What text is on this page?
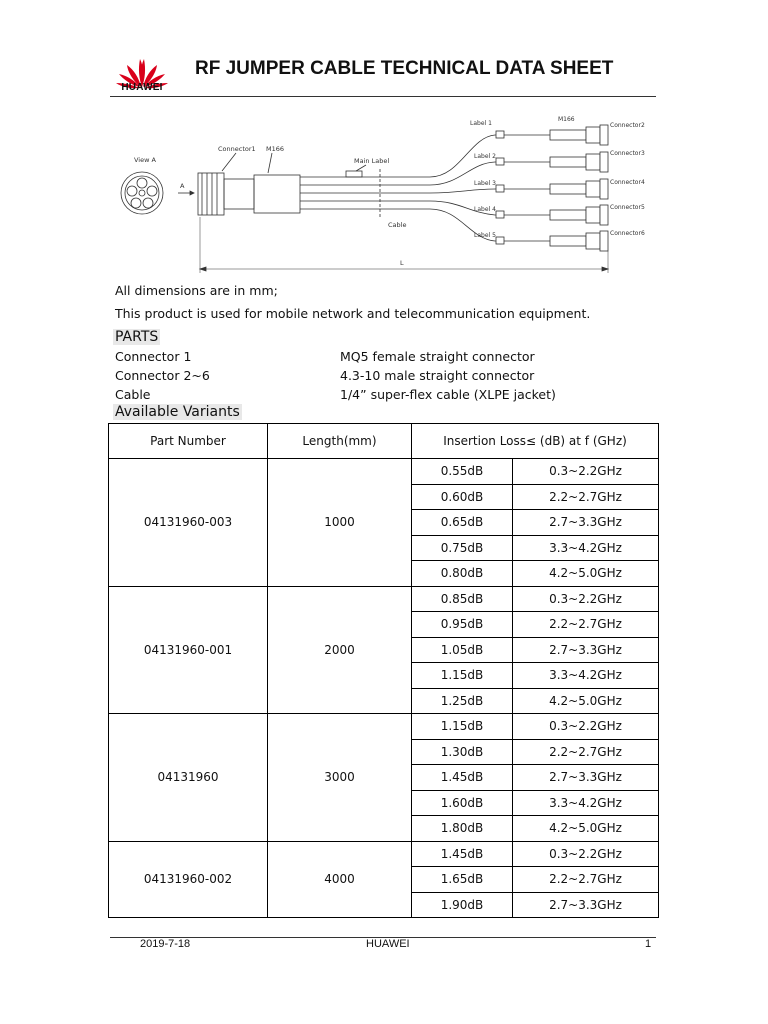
HUAWEI
RF JUMPER CABLE TECHNICAL DATA SHEET
View A
A
Connector1 M166
Main Label
Cable
Label 1
Label 2
Label 3
Label 4
Label 5
M166
Connector2
Connector3
Connector4
Connector5
Connector6
L
All dimensions are in mm;
This product is used for mobile network and telecommunication equipment.
PARTS
Connector 1	MQ5 female straight connector
Connector 2~6	4.3-10 male straight connector
Cable	1/4” super-flex cable (XLPE jacket)
Available Variants
Part Number	Length(mm)	Insertion Loss≤ (dB) at f (GHz)	
04131960-003	1000	0.55dB	0.3~2.2GHz
		0.60dB	2.2~2.7GHz
		0.65dB	2.7~3.3GHz
		0.75dB	3.3~4.2GHz
		0.80dB	4.2~5.0GHz
04131960-001	2000	0.85dB	0.3~2.2GHz
		0.95dB	2.2~2.7GHz
		1.05dB	2.7~3.3GHz
		1.15dB	3.3~4.2GHz
		1.25dB	4.2~5.0GHz
04131960	3000	1.15dB	0.3~2.2GHz
		1.30dB	2.2~2.7GHz
		1.45dB	2.7~3.3GHz
		1.60dB	3.3~4.2GHz
		1.80dB	4.2~5.0GHz
04131960-002	4000	1.45dB	0.3~2.2GHz
		1.65dB	2.2~2.7GHz
		1.90dB	2.7~3.3GHz
2019-7-18	HUAWEI	1
